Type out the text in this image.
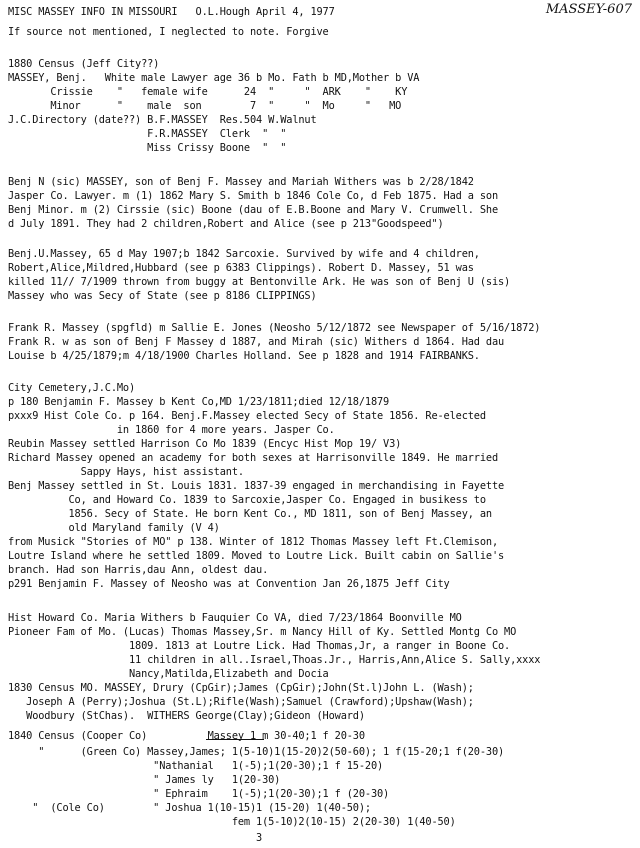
MISC MASSEY INFO IN MISSOURI   O.L.Hough April 4, 1977	MASSEY-607
If source not mentioned, I neglected to note. Forgive
1880 Census (Jeff City??)
MASSEY, Benj.   White male Lawyer age 36 b Mo. Fath b MD,Mother b VA
Crissie    "   female wife      24  "     "  ARK    "    KY
Minor      "    male  son        7  "     "  Mo     "   MO
J.C.Directory (date??) B.F.MASSEY  Res.504 W.Walnut
F.R.MASSEY  Clerk  "  "
Miss Crissy Boone  "  "
Benj N (sic) MASSEY, son of Benj F. Massey and Mariah Withers was b 2/28/1842
Jasper Co. Lawyer. m (1) 1862 Mary S. Smith b 1846 Cole Co, d Feb 1875. Had a son
Benj Minor. m (2) Cirssie (sic) Boone (dau of E.B.Boone and Mary V. Crumwell. She
d July 1891. They had 2 children,Robert and Alice (see p 213"Goodspeed")
Benj.U.Massey, 65 d May 1907;b 1842 Sarcoxie. Survived by wife and 4 children,
Robert,Alice,Mildred,Hubbard (see p 6383 Clippings). Robert D. Massey, 51 was
killed 11// 7/1909 thrown from buggy at Bentonville Ark. He was son of Benj U (sis)
Massey who was Secy of State (see p 8186 CLIPPINGS)
Frank R. Massey (spgfld) m Sallie E. Jones (Neosho 5/12/1872 see Newspaper of 5/16/1872)
Frank R. w as son of Benj F Massey d 1887, and Mirah (sic) Withers d 1864. Had dau
Louise b 4/25/1879;m 4/18/1900 Charles Holland. See p 1828 and 1914 FAIRBANKS.
City Cemetery,J.C.Mo)
p 180 Benjamin F. Massey b Kent Co,MD 1/23/1811;died 12/18/1879
pxxx9 Hist Cole Co. p 164. Benj.F.Massey elected Secy of State 1856. Re-elected
in 1860 for 4 more years. Jasper Co.
Reubin Massey settled Harrison Co Mo 1839 (Encyc Hist Mop 19/ V3)
Richard Massey opened an academy for both sexes at Harrisonville 1849. He married
Sappy Hays, hist assistant.
Benj Massey settled in St. Louis 1831. 1837-39 engaged in merchandising in Fayette
Co, and Howard Co. 1839 to Sarcoxie,Jasper Co. Engaged in busikess to
1856. Secy of State. He born Kent Co., MD 1811, son of Benj Massey, an
old Maryland family (V 4)
from Musick "Stories of MO" p 138. Winter of 1812 Thomas Massey left Ft.Clemison,
Loutre Island where he settled 1809. Moved to Loutre Lick. Built cabin on Sallie's
branch. Had son Harris,dau Ann, oldest dau.
p291 Benjamin F. Massey of Neosho was at Convention Jan 26,1875 Jeff City
Hist Howard Co. Maria Withers b Fauquier Co VA, died 7/23/1864 Boonville MO
Pioneer Fam of Mo. (Lucas) Thomas Massey,Sr. m Nancy Hill of Ky. Settled Montg Co MO
1809. 1813 at Loutre Lick. Had Thomas,Jr, a ranger in Boone Co.
11 children in all..Israel,Thoas.Jr., Harris,Ann,Alice S. Sally,xxxx
Nancy,Matilda,Elizabeth and Docia
1830 Census MO. MASSEY, Drury (CpGir);James (CpGir);John(St.l)John L. (Wash);
Joseph A (Perry);Joshua (St.L);Rifle(Wash);Samuel (Crawford);Upshaw(Wash);
Woodbury (StChas).  WITHERS George(Clay);Gideon (Howard)
1840 Census (Cooper Co)          Massey 1 m 30-40;1 f 20-30
"      (Green Co) Massey,James; 1(5-10)1(15-20)2(50-60); 1 f(15-20;1 f(20-30)
"Nathanial   1(-5);1(20-30);1 f 15-20)
" James ly   1(20-30)
" Ephraim    1(-5);1(20-30);1 f (20-30)
"  (Cole Co)        " Joshua 1(10-15)1 (15-20) 1(40-50);
fem 1(5-10)2(10-15) 2(20-30) 1(40-50)
3
